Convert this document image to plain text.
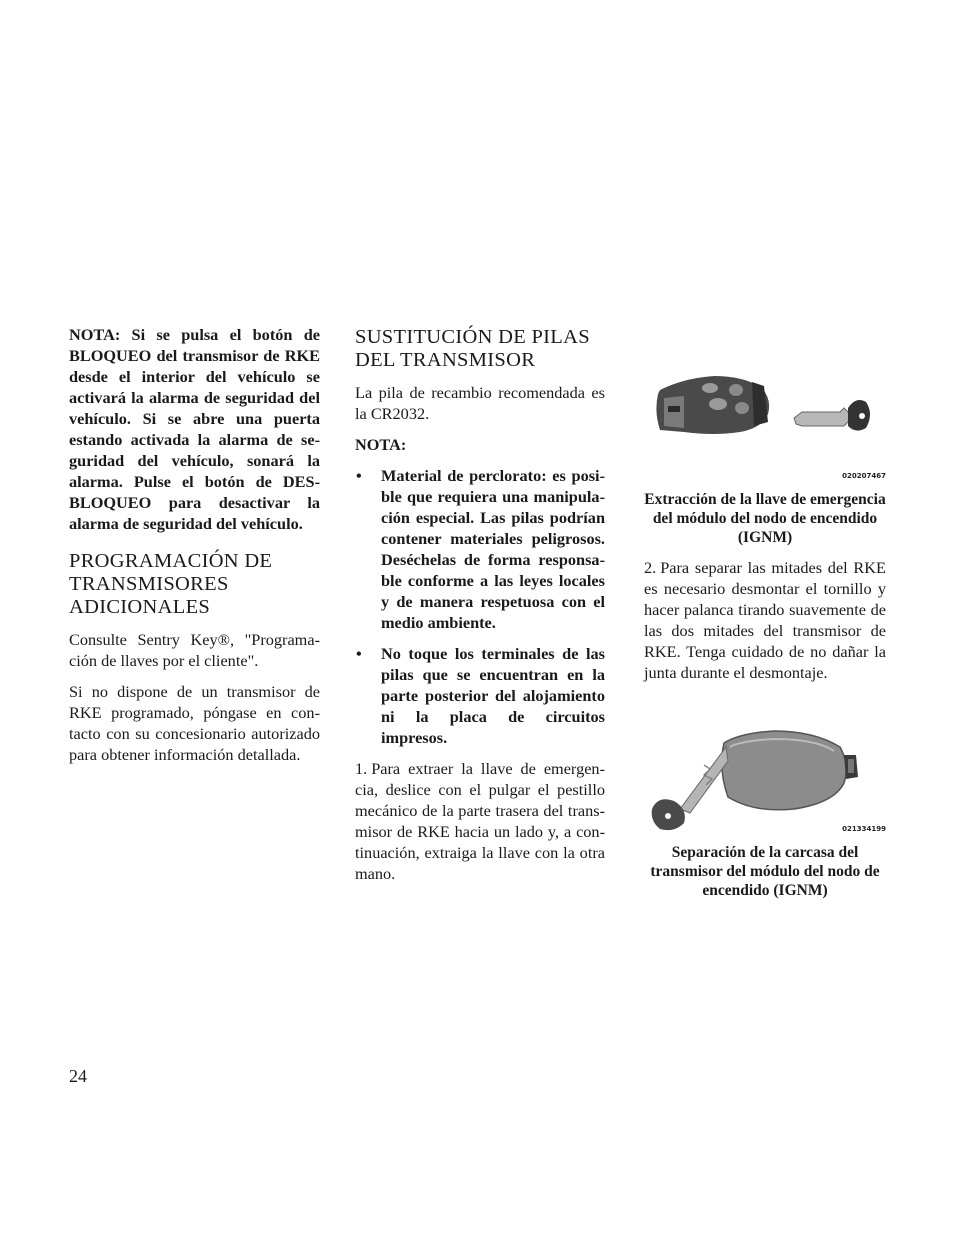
NOTA: Si se pulsa el botón de BLOQUEO del transmisor de RKE desde el interior del vehículo se activará la alarma de seguridad del vehículo. Si se abre una puerta estando activada la alarma de se-guridad del vehículo, sonará la alarma. Pulse el botón de DES-BLOQUEO para desactivar la alarma de seguridad del vehículo.

PROGRAMACIÓN DE
TRANSMISORES
ADICIONALES

Consulte Sentry Key®, "Programa-ción de llaves por el cliente".

Si no dispone de un transmisor de RKE programado, póngase en con-tacto con su concesionario autorizado para obtener información detallada.

SUSTITUCIÓN DE PILAS
DEL TRANSMISOR

La pila de recambio recomendada es la CR2032.

NOTA:

• Material de perclorato: es posi-ble que requiera una manipula-ción especial. Las pilas podrían contener materiales peligrosos. Deséchelas de forma responsa-ble conforme a las leyes locales y de manera respetuosa con el medio ambiente.
• No toque los terminales de las pilas que se encuentran en la parte posterior del alojamiento ni la placa de circuitos impresos.

1. Para extraer la llave de emergen-cia, deslice con el pulgar el pestillo mecánico de la parte trasera del trans-misor de RKE hacia un lado y, a con-tinuación, extraiga la llave con la otra mano.

020207467

Extracción de la llave de emergencia del módulo del nodo de encendido (IGNM)

2. Para separar las mitades del RKE es necesario desmontar el tornillo y hacer palanca tirando suavemente de las dos mitades del transmisor de RKE. Tenga cuidado de no dañar la junta durante el desmontaje.

021334199

Separación de la carcasa del transmisor del módulo del nodo de encendido (IGNM)

24
